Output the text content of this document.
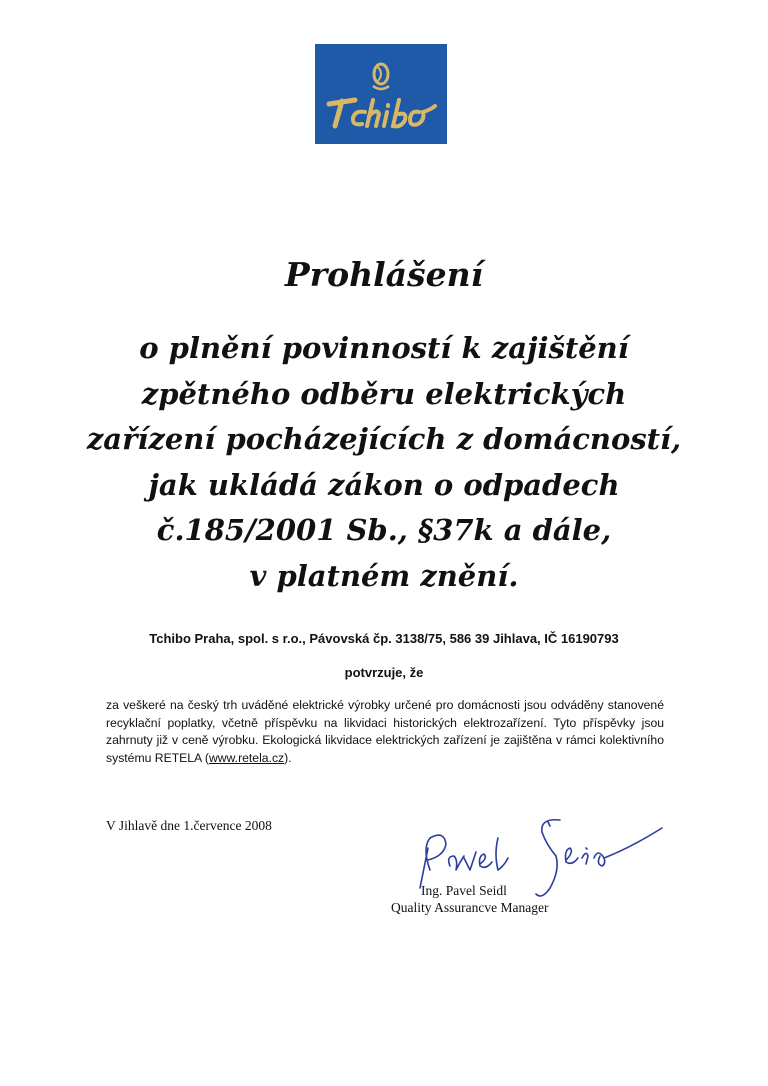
Prohlášení
o plnění povinností k zajištění
zpětného odběru elektrických
zařízení pocházejících z domácností,
jak ukládá zákon o odpadech
č.185/2001 Sb., §37k a dále,
v platném znění.
Tchibo Praha, spol. s r.o., Pávovská čp. 3138/75, 586 39 Jihlava, IČ 16190793
potvrzuje, že
za veškeré na český trh uváděné elektrické výrobky určené pro domácnosti jsou odváděny stanovené recyklační poplatky, včetně příspěvku na likvidaci historických elektrozařízení. Tyto příspěvky jsou zahrnuty již v ceně výrobku. Ekologická likvidace elektrických zařízení je zajištěna v rámci kolektivního systému RETELA (www.retela.cz).
V Jihlavě dne 1.července 2008
Ing. Pavel Seidl
Quality Assurancve Manager
